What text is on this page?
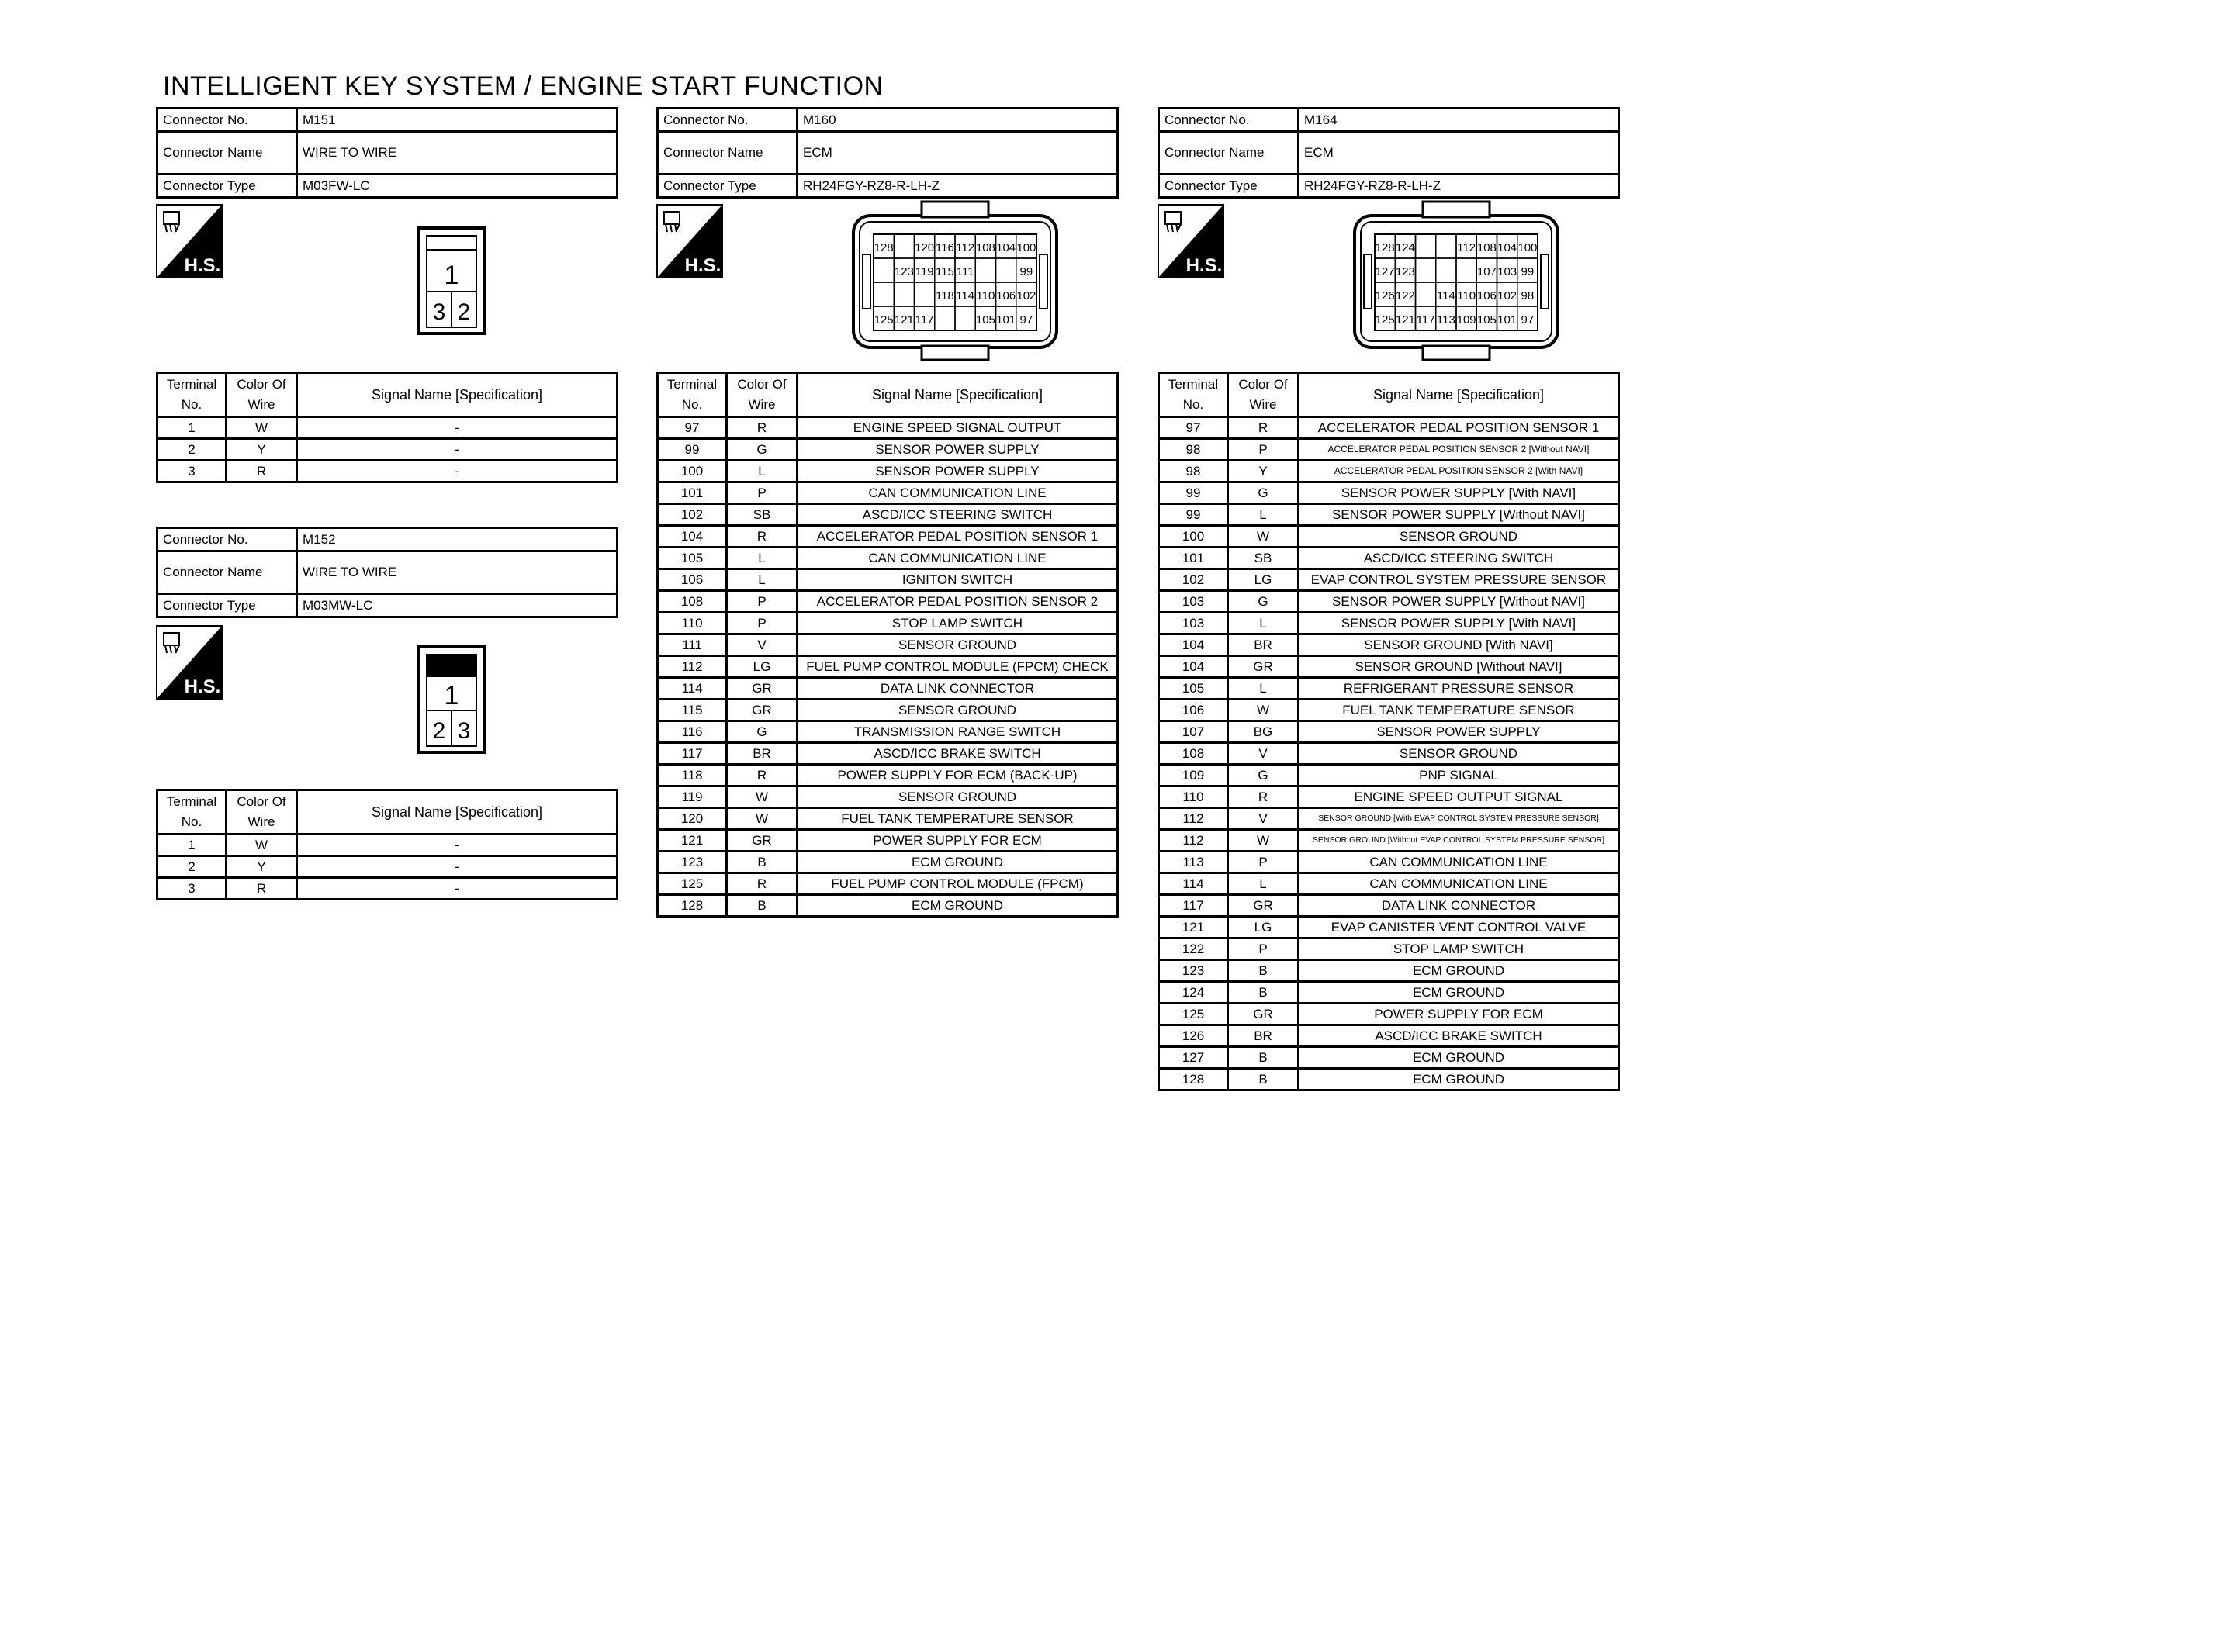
INTELLIGENT KEY SYSTEM / ENGINE START FUNCTION
Connector No.	M151
Connector Name	WIRE TO WIRE
Connector Type	M03FW-LC
H.S.	1
3 2
Terminal
No.	Color Of
Wire	Signal Name [Specification]
1	W	-
2	Y	-
3	R	-
Connector No.	M152
Connector Name	WIRE TO WIRE
Connector Type	M03MW-LC
H.S.	1
2 3
Terminal
No.	Color Of
Wire	Signal Name [Specification]
1	W	-
2	Y	-
3	R	-
Connector No.	M160
Connector Name	ECM
Connector Type	RH24FGY-RZ8-R-LH-Z
H.S.
128 120 116 112 108 104 100
123 119 115 111	99
118 114 110 106 102
125 121 117	105 101 97
Terminal
No.	Color Of
Wire	Signal Name [Specification]
97	R	ENGINE SPEED SIGNAL OUTPUT
99	G	SENSOR POWER SUPPLY
100	L	SENSOR POWER SUPPLY
101	P	CAN COMMUNICATION LINE
102	SB	ASCD/ICC STEERING SWITCH
104	R	ACCELERATOR PEDAL POSITION SENSOR 1
105	L	CAN COMMUNICATION LINE
106	L	IGNITON SWITCH
108	P	ACCELERATOR PEDAL POSITION SENSOR 2
110	P	STOP LAMP SWITCH
111	V	SENSOR GROUND
112	LG	FUEL PUMP CONTROL MODULE (FPCM) CHECK
114	GR	DATA LINK CONNECTOR
115	GR	SENSOR GROUND
116	G	TRANSMISSION RANGE SWITCH
117	BR	ASCD/ICC BRAKE SWITCH
118	R	POWER SUPPLY FOR ECM (BACK-UP)
119	W	SENSOR GROUND
120	W	FUEL TANK TEMPERATURE SENSOR
121	GR	POWER SUPPLY FOR ECM
123	B	ECM GROUND
125	R	FUEL PUMP CONTROL MODULE (FPCM)
128	B	ECM GROUND
Connector No.	M164
Connector Name	ECM
Connector Type	RH24FGY-RZ8-R-LH-Z
H.S.
128 124	112 108 104 100
127 123	107 103 99
126 122 114 110 106 102 98
125 121 117 113 109 105 101 97
Terminal
No.	Color Of
Wire	Signal Name [Specification]
97	R	ACCELERATOR PEDAL POSITION SENSOR 1
98	P	ACCELERATOR PEDAL POSITION SENSOR 2 [Without NAVI]
98	Y	ACCELERATOR PEDAL POSITION SENSOR 2 [With NAVI]
99	G	SENSOR POWER SUPPLY [With NAVI]
99	L	SENSOR POWER SUPPLY [Without NAVI]
100	W	SENSOR GROUND
101	SB	ASCD/ICC STEERING SWITCH
102	LG	EVAP CONTROL SYSTEM PRESSURE SENSOR
103	G	SENSOR POWER SUPPLY [Without NAVI]
103	L	SENSOR POWER SUPPLY [With NAVI]
104	BR	SENSOR GROUND [With NAVI]
104	GR	SENSOR GROUND [Without NAVI]
105	L	REFRIGERANT PRESSURE SENSOR
106	W	FUEL TANK TEMPERATURE SENSOR
107	BG	SENSOR POWER SUPPLY
108	V	SENSOR GROUND
109	G	PNP SIGNAL
110	R	ENGINE SPEED OUTPUT SIGNAL
112	V	SENSOR GROUND [With EVAP CONTROL SYSTEM PRESSURE SENSOR]
112	W	SENSOR GROUND [Without EVAP CONTROL SYSTEM PRESSURE SENSOR]
113	P	CAN COMMUNICATION LINE
114	L	CAN COMMUNICATION LINE
117	GR	DATA LINK CONNECTOR
121	LG	EVAP CANISTER VENT CONTROL VALVE
122	P	STOP LAMP SWITCH
123	B	ECM GROUND
124	B	ECM GROUND
125	GR	POWER SUPPLY FOR ECM
126	BR	ASCD/ICC BRAKE SWITCH
127	B	ECM GROUND
128	B	ECM GROUND
